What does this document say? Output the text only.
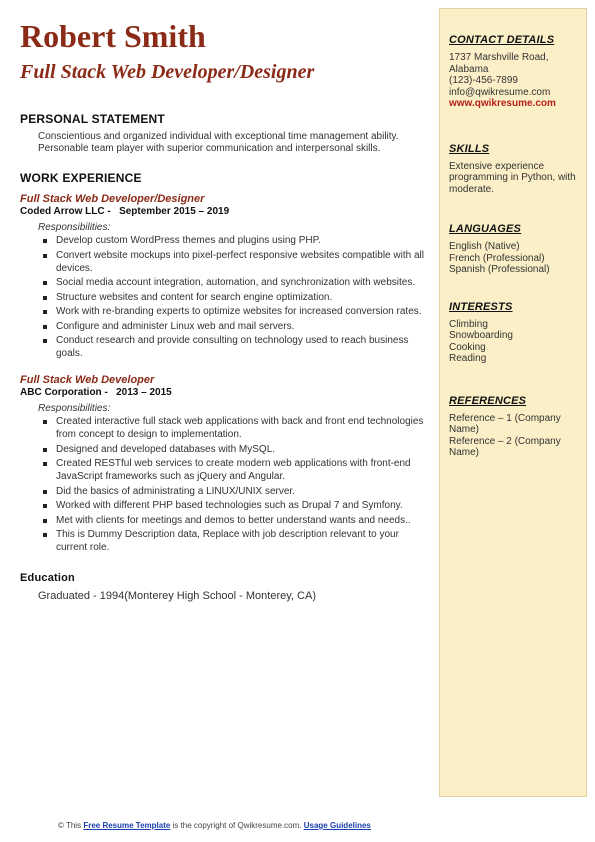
Robert Smith
Full Stack Web Developer/Designer
PERSONAL STATEMENT
Conscientious and organized individual with exceptional time management ability. Personable team player with superior communication and interpersonal skills.
WORK EXPERIENCE
Full Stack Web Developer/Designer
Coded Arrow LLC -   September 2015 – 2019
Responsibilities:
Develop custom WordPress themes and plugins using PHP.
Convert website mockups into pixel-perfect responsive websites compatible with all devices.
Social media account integration, automation, and synchronization with websites.
Structure websites and content for search engine optimization.
Work with re-branding experts to optimize websites for increased conversion rates.
Configure and administer Linux web and mail servers.
Conduct research and provide consulting on technology used to reach business goals.
Full Stack Web Developer
ABC Corporation -   2013 – 2015
Responsibilities:
Created interactive full stack web applications with back and front end technologies from concept to design to implementation.
Designed and developed databases with MySQL.
Created RESTful web services to create modern web applications with front-end JavaScript frameworks such as jQuery and Angular.
Did the basics of administrating a LINUX/UNIX server.
Worked with different PHP based technologies such as Drupal 7 and Symfony.
Met with clients for meetings and demos to better understand wants and needs..
This is Dummy Description data, Replace with job description relevant to your current role.
Education
Graduated - 1994(Monterey High School - Monterey, CA)
CONTACT DETAILS
1737 Marshville Road,
Alabama
(123)-456-7899
info@qwikresume.com
www.qwikresume.com
SKILLS
Extensive experience programming in Python, with moderate.
LANGUAGES
English (Native)
French (Professional)
Spanish (Professional)
INTERESTS
Climbing
Snowboarding
Cooking
Reading
REFERENCES
Reference – 1 (Company Name)
Reference – 2 (Company Name)
© This Free Resume Template is the copyright of Qwikresume.com. Usage Guidelines
